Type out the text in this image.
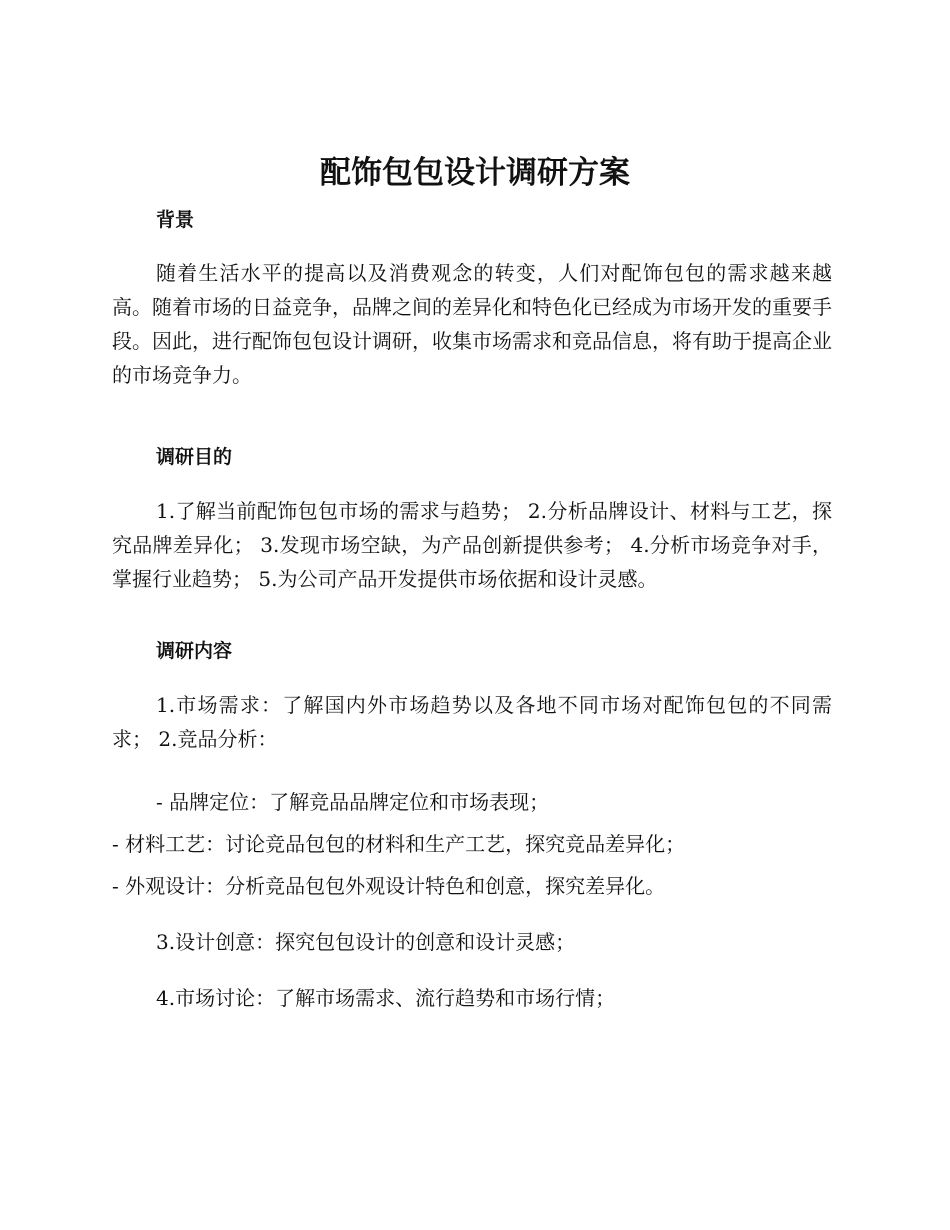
配饰包包设计调研方案
背景

随着生活水平的提高以及消费观念的转变，人们对配饰包包的需求越来越高。随着市场的日益竞争，品牌之间的差异化和特色化已经成为市场开发的重要手段。因此，进行配饰包包设计调研，收集市场需求和竞品信息，将有助于提高企业的市场竞争力。

调研目的

1.了解当前配饰包包市场的需求与趋势； 2.分析品牌设计、材料与工艺，探究品牌差异化； 3.发现市场空缺，为产品创新提供参考； 4.分析市场竞争对手，掌握行业趋势； 5.为公司产品开发提供市场依据和设计灵感。

调研内容

1.市场需求：了解国内外市场趋势以及各地不同市场对配饰包包的不同需求； 2.竞品分析：

- 品牌定位：了解竞品品牌定位和市场表现；

- 材料工艺：讨论竞品包包的材料和生产工艺，探究竞品差异化；

- 外观设计：分析竞品包包外观设计特色和创意，探究差异化。

3.设计创意：探究包包设计的创意和设计灵感；

4.市场讨论：了解市场需求、流行趋势和市场行情；
